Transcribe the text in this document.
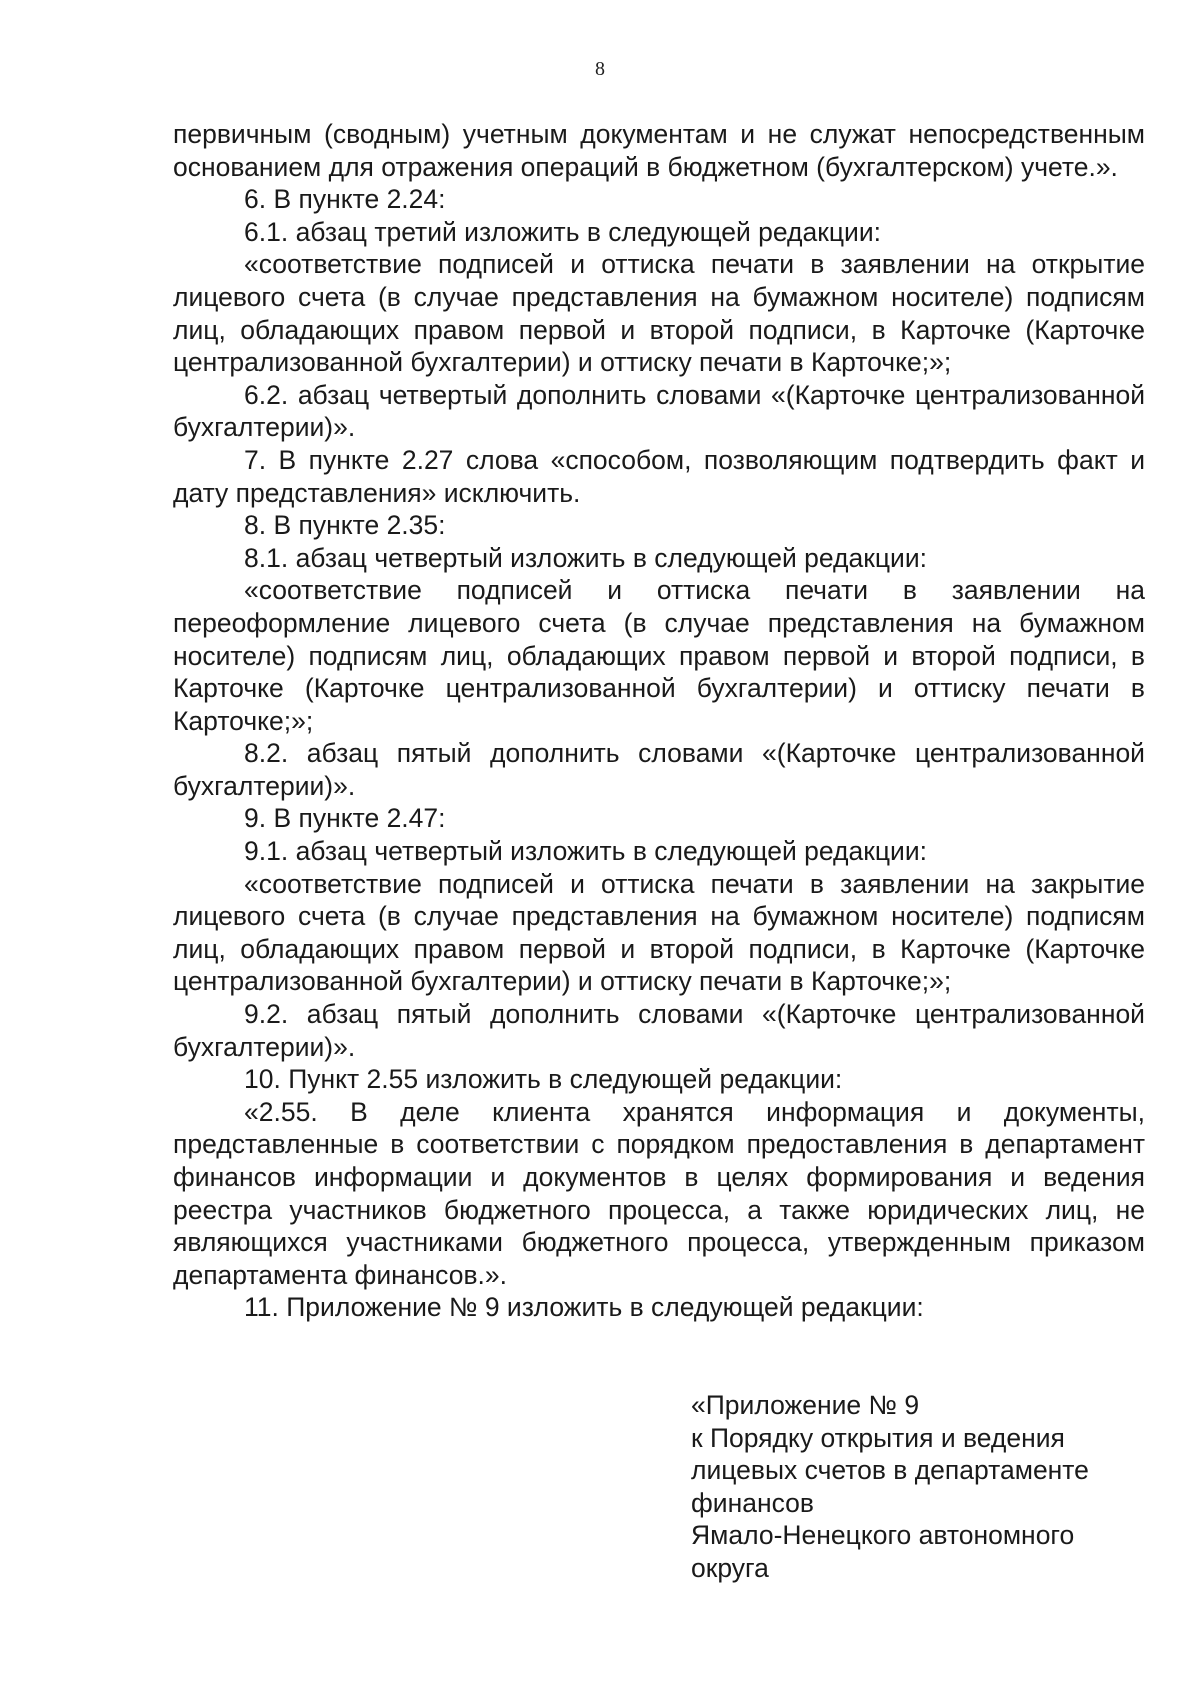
8

первичным (сводным) учетным документам и не служат непосредственным основанием для отражения операций в бюджетном (бухгалтерском) учете.».

6. В пункте 2.24:

6.1. абзац третий изложить в следующей редакции:

«соответствие подписей и оттиска печати в заявлении на открытие лицевого счета (в случае представления на бумажном носителе) подписям лиц, обладающих правом первой и второй подписи, в Карточке (Карточке централизованной бухгалтерии) и оттиску печати в Карточке;»;

6.2. абзац четвертый дополнить словами «(Карточке централизованной бухгалтерии)».

7. В пункте 2.27 слова «способом, позволяющим подтвердить факт и дату представления» исключить.

8. В пункте 2.35:

8.1. абзац четвертый изложить в следующей редакции:

«соответствие подписей и оттиска печати в заявлении на переоформление лицевого счета (в случае представления на бумажном носителе) подписям лиц, обладающих правом первой и второй подписи, в Карточке (Карточке централизованной бухгалтерии) и оттиску печати в Карточке;»;

8.2. абзац пятый дополнить словами «(Карточке централизованной бухгалтерии)».

9. В пункте 2.47:

9.1. абзац четвертый изложить в следующей редакции:

«соответствие подписей и оттиска печати в заявлении на закрытие лицевого счета (в случае представления на бумажном носителе) подписям лиц, обладающих правом первой и второй подписи, в Карточке (Карточке централизованной бухгалтерии) и оттиску печати в Карточке;»;

9.2. абзац пятый дополнить словами «(Карточке централизованной бухгалтерии)».

10. Пункт 2.55 изложить в следующей редакции:

«2.55. В деле клиента хранятся информация и документы, представленные в соответствии с порядком предоставления в департамент финансов информации и документов в целях формирования и ведения реестра участников бюджетного процесса, а также юридических лиц, не являющихся участниками бюджетного процесса, утвержденным приказом департамента финансов.».

11. Приложение № 9 изложить в следующей редакции:

«Приложение № 9
к Порядку открытия и ведения
лицевых счетов в департаменте
финансов
Ямало-Ненецкого автономного
округа
